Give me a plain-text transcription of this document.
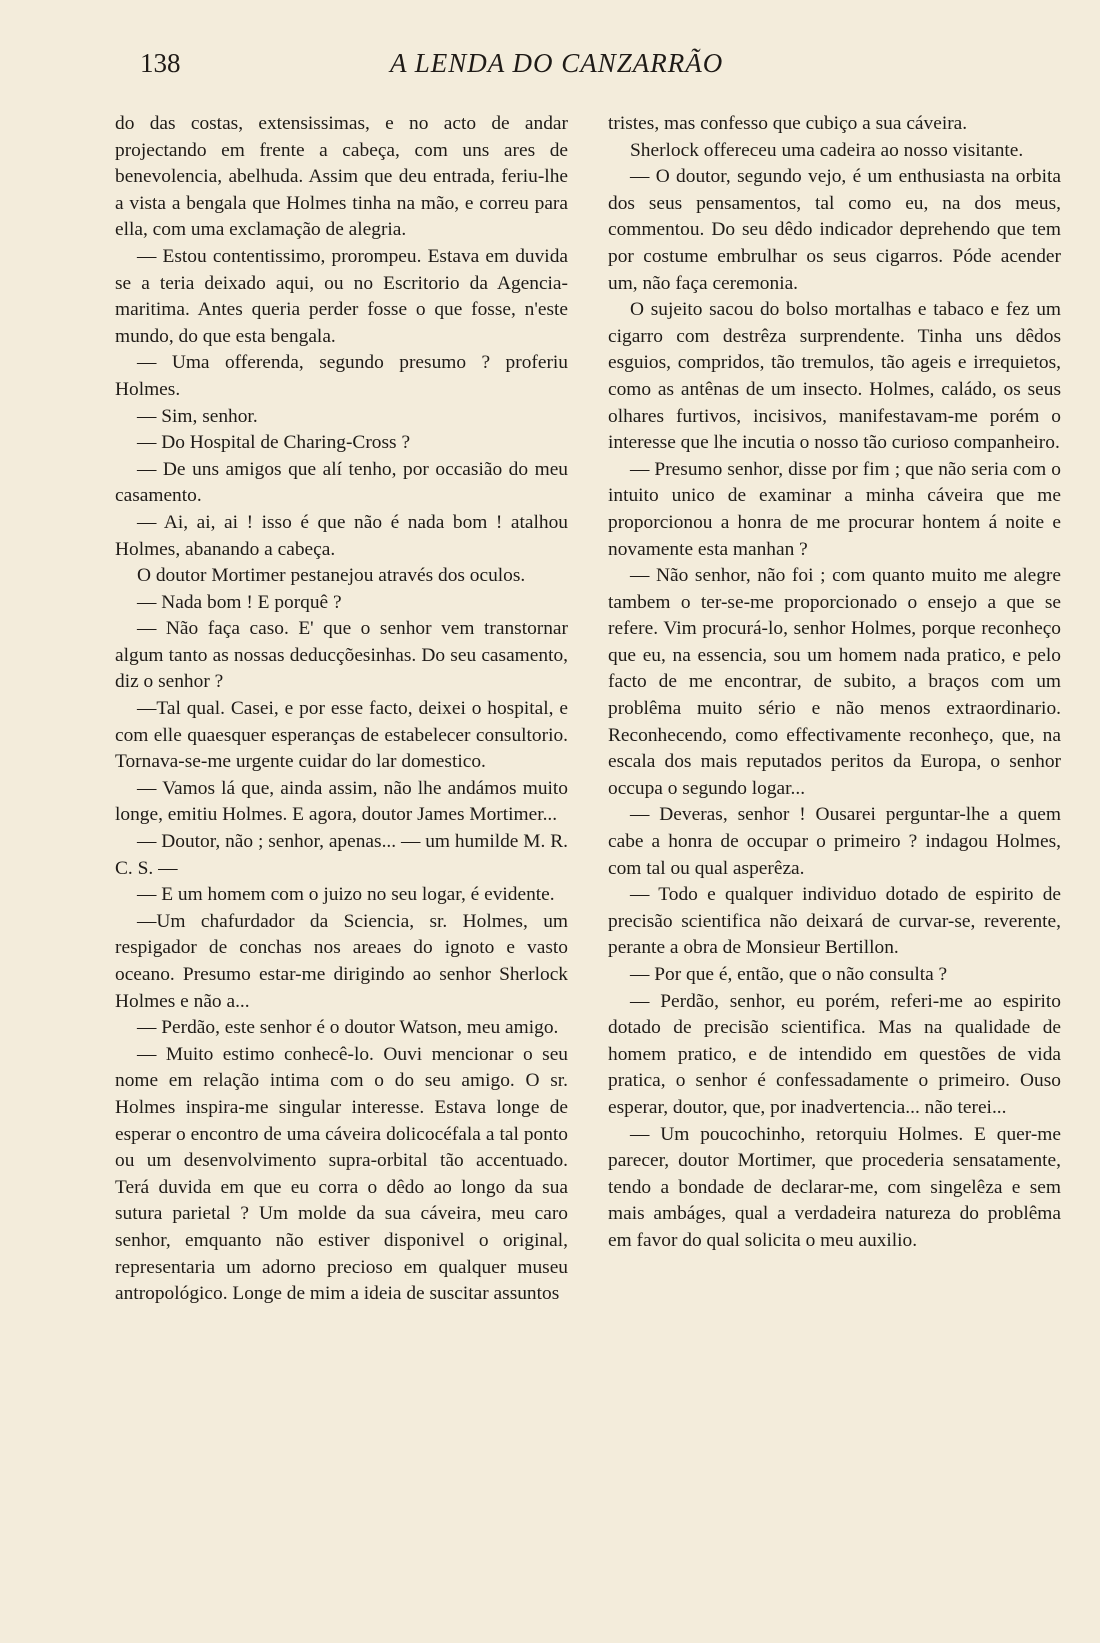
138	A LENDA DO CANZARRÃO

do das costas, extensissimas, e no acto de andar projectando em frente a cabeça, com uns ares de benevolencia, abelhuda. Assim que deu entrada, feriu-lhe a vista a bengala que Holmes tinha na mão, e correu para ella, com uma exclamação de alegria.

— Estou contentissimo, prorompeu. Estava em duvida se a teria deixado aqui, ou no Escritorio da Agencia-maritima. Antes queria perder fosse o que fosse, n'este mundo, do que esta bengala.

— Uma offerenda, segundo presumo ? proferiu Holmes.

— Sim, senhor.

— Do Hospital de Charing-Cross ?

— De uns amigos que alí tenho, por occasião do meu casamento.

— Ai, ai, ai ! isso é que não é nada bom ! atalhou Holmes, abanando a cabeça.

O doutor Mortimer pestanejou através dos oculos.

— Nada bom ! E porquê ?

— Não faça caso. E' que o senhor vem transtornar algum tanto as nossas deducçõesinhas. Do seu casamento, diz o senhor ?

—Tal qual. Casei, e por esse facto, deixei o hospital, e com elle quaesquer esperanças de estabelecer consultorio. Tornava-se-me urgente cuidar do lar domestico.

— Vamos lá que, ainda assim, não lhe andámos muito longe, emitiu Holmes. E agora, doutor James Mortimer...

— Doutor, não ; senhor, apenas... — um humilde M. R. C. S. —

— E um homem com o juizo no seu logar, é evidente.

—Um chafurdador da Sciencia, sr. Holmes, um respigador de conchas nos areaes do ignoto e vasto oceano. Presumo estar-me dirigindo ao senhor Sherlock Holmes e não a...

— Perdão, este senhor é o doutor Watson, meu amigo.

— Muito estimo conhecê-lo. Ouvi mencionar o seu nome em relação intima com o do seu amigo. O sr. Holmes inspira-me singular interesse. Estava longe de esperar o encontro de uma cáveira dolicocéfala a tal ponto ou um desenvolvimento supra-orbital tão accentuado. Terá duvida em que eu corra o dêdo ao longo da sua sutura parietal ? Um molde da sua cáveira, meu caro senhor, emquanto não estiver disponivel o original, representaria um adorno precioso em qualquer museu antropológico. Longe de mim a ideia de suscitar assuntos

tristes, mas confesso que cubiço a sua cáveira.

Sherlock offereceu uma cadeira ao nosso visitante.

— O doutor, segundo vejo, é um enthusiasta na orbita dos seus pensamentos, tal como eu, na dos meus, commentou. Do seu dêdo indicador deprehendo que tem por costume embrulhar os seus cigarros. Póde acender um, não faça ceremonia.

O sujeito sacou do bolso mortalhas e tabaco e fez um cigarro com destrêza surprendente. Tinha uns dêdos esguios, compridos, tão tremulos, tão ageis e irrequietos, como as antênas de um insecto. Holmes, caládo, os seus olhares furtivos, incisivos, manifestavam-me porém o interesse que lhe incutia o nosso tão curioso companheiro.

— Presumo senhor, disse por fim ; que não seria com o intuito unico de examinar a minha cáveira que me proporcionou a honra de me procurar hontem á noite e novamente esta manhan ?

— Não senhor, não foi ; com quanto muito me alegre tambem o ter-se-me proporcionado o ensejo a que se refere. Vim procurá-lo, senhor Holmes, porque reconheço que eu, na essencia, sou um homem nada pratico, e pelo facto de me encontrar, de subito, a braços com um problêma muito sério e não menos extraordinario. Reconhecendo, como effectivamente reconheço, que, na escala dos mais reputados peritos da Europa, o senhor occupa o segundo logar...

— Deveras, senhor ! Ousarei perguntar-lhe a quem cabe a honra de occupar o primeiro ? indagou Holmes, com tal ou qual asperêza.

— Todo e qualquer individuo dotado de espirito de precisão scientifica não deixará de curvar-se, reverente, perante a obra de Monsieur Bertillon.

— Por que é, então, que o não consulta ?

— Perdão, senhor, eu porém, referi-me ao espirito dotado de precisão scientifica. Mas na qualidade de homem pratico, e de intendido em questões de vida pratica, o senhor é confessadamente o primeiro. Ouso esperar, doutor, que, por inadvertencia... não terei...

— Um poucochinho, retorquiu Holmes. E quer-me parecer, doutor Mortimer, que procederia sensatamente, tendo a bondade de declarar-me, com singelêza e sem mais ambáges, qual a verdadeira natureza do problêma em favor do qual solicita o meu auxilio.
